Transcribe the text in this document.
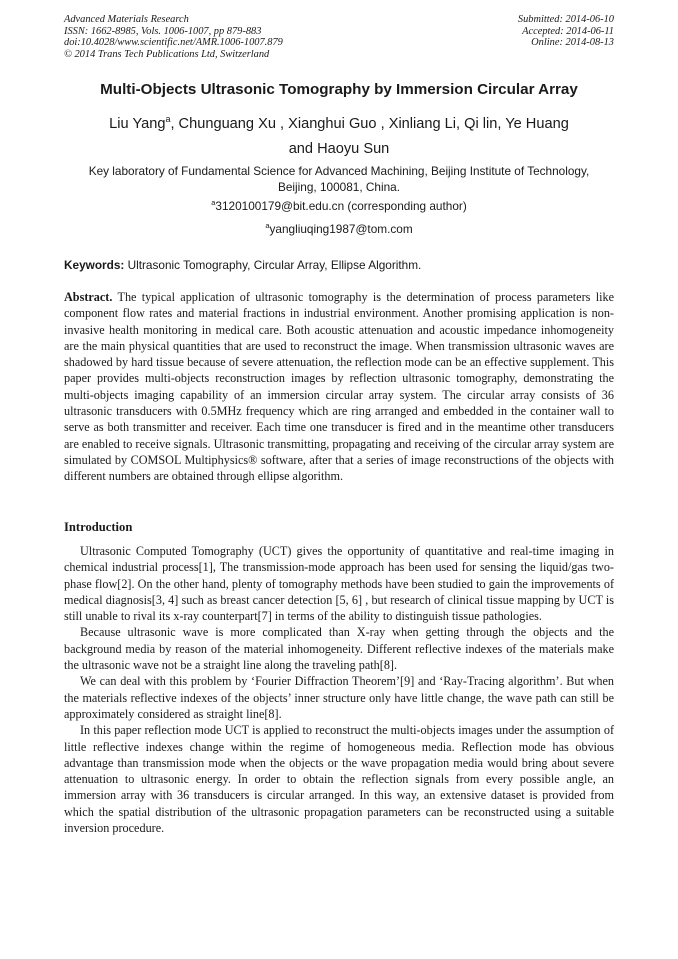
Advanced Materials Research
ISSN: 1662-8985, Vols. 1006-1007, pp 879-883
doi:10.4028/www.scientific.net/AMR.1006-1007.879
© 2014 Trans Tech Publications Ltd, Switzerland
Submitted: 2014-06-10
Accepted: 2014-06-11
Online: 2014-08-13
Multi-Objects Ultrasonic Tomography by Immersion Circular Array
Liu Yang$^a$, Chunguang Xu , Xianghui Guo , Xinliang Li, Qi lin, Ye Huang
and Haoyu Sun
Key laboratory of Fundamental Science for Advanced Machining, Beijing Institute of Technology,
Beijing, 100081, China.
$^a$3120100179@bit.edu.cn (corresponding author)
$^a$yangliuqing1987@tom.com
Keywords: Ultrasonic Tomography, Circular Array, Ellipse Algorithm.

Abstract. The typical application of ultrasonic tomography is the determination of process parameters like component flow rates and material fractions in industrial environment. Another promising application is non-invasive health monitoring in medical care. Both acoustic attenuation and acoustic impedance inhomogeneity are the main physical quantities that are used to reconstruct the image. When transmission ultrasonic waves are shadowed by hard tissue because of severe attenuation, the reflection mode can be an effective supplement. This paper provides multi-objects reconstruction images by reflection ultrasonic tomography, demonstrating the multi-objects imaging capability of an immersion circular array system. The circular array consists of 36 ultrasonic transducers with 0.5MHz frequency which are ring arranged and embedded in the container wall to serve as both transmitter and receiver. Each time one transducer is fired and in the meantime other transducers are enabled to receive signals. Ultrasonic transmitting, propagating and receiving of the circular array system are simulated by COMSOL Multiphysics® software, after that a series of image reconstructions of the objects with different numbers are obtained through ellipse algorithm.

Introduction

Ultrasonic Computed Tomography (UCT) gives the opportunity of quantitative and real-time imaging in chemical industrial process[1], The transmission-mode approach has been used for sensing the liquid/gas two-phase flow[2]. On the other hand, plenty of tomography methods have been studied to gain the improvements of medical diagnosis[3, 4] such as breast cancer detection [5, 6] , but research of clinical tissue mapping by UCT is still unable to rival its x-ray counterpart[7] in terms of the ability to distinguish tissue pathologies.

Because ultrasonic wave is more complicated than X-ray when getting through the objects and the background media by reason of the material inhomogeneity. Different reflective indexes of the materials make the ultrasonic wave not be a straight line along the traveling path[8].

We can deal with this problem by ‘Fourier Diffraction Theorem’[9] and ‘Ray-Tracing algorithm’. But when the materials reflective indexes of the objects’ inner structure only have little change, the wave path can still be approximately considered as straight line[8].

In this paper reflection mode UCT is applied to reconstruct the multi-objects images under the assumption of little reflective indexes change within the regime of homogeneous media. Reflection mode has obvious advantage than transmission mode when the objects or the wave propagation media would bring about severe attenuation to ultrasonic energy. In order to obtain the reflection signals from every possible angle, an immersion array with 36 transducers is circular arranged. In this way, an extensive dataset is provided from which the spatial distribution of the ultrasonic propagation parameters can be reconstructed using a suitable inversion procedure.
